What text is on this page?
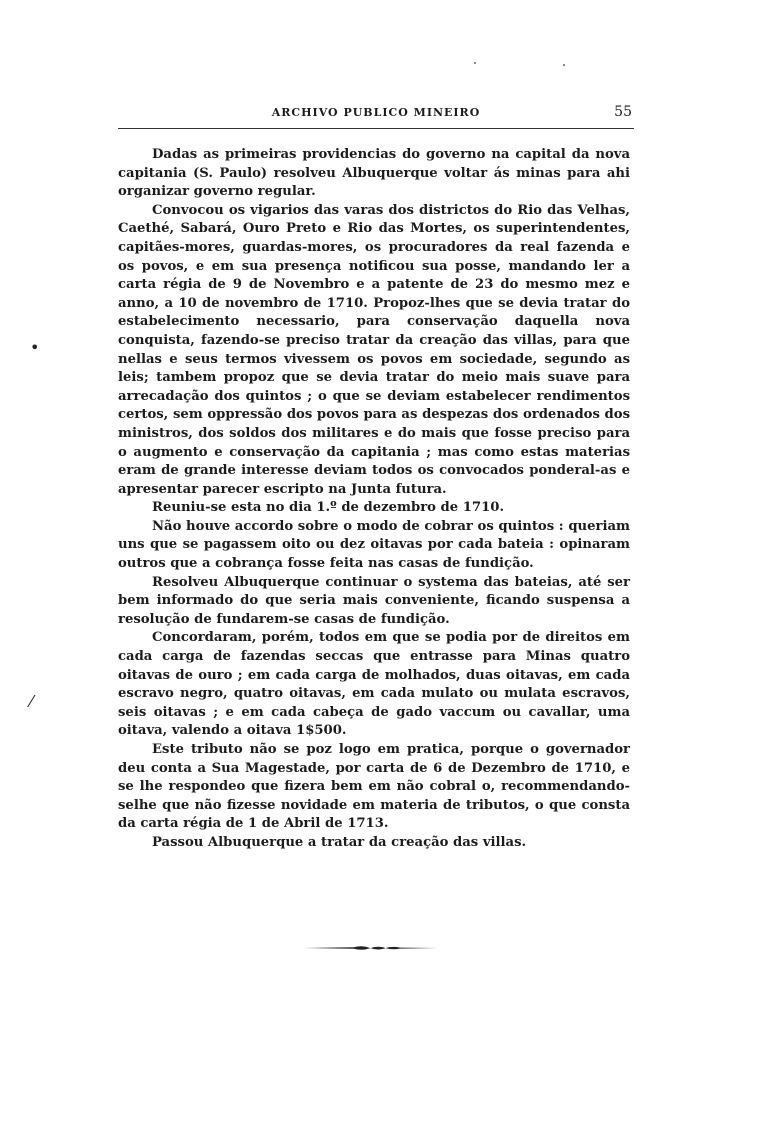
ARCHIVO PUBLICO MINEIRO	55
•
⁄

Dadas as primeiras providencias do governo na capital da nova capitania (S. Paulo) resolveu Albuquerque voltar ás minas para ahi organizar governo regular.

Convocou os vigarios das varas dos districtos do Rio das Velhas, Caethé, Sabará, Ouro Preto e Rio das Mortes, os superintendentes, capitães-mores, guardas-mores, os procuradores da real fazenda e os povos, e em sua presença notificou sua posse, mandando ler a carta régia de 9 de Novembro e a patente de 23 do mesmo mez e anno, a 10 de novembro de 1710. Propoz-lhes que se devia tratar do estabelecimento necessario, para conservação daquella nova conquista, fazendo-se preciso tratar da creação das villas, para que nellas e seus termos vivessem os povos em sociedade, segundo as leis; tambem propoz que se devia tratar do meio mais suave para arrecadação dos quintos ; o que se deviam estabelecer rendimentos certos, sem oppressão dos povos para as despezas dos ordenados dos ministros, dos soldos dos militares e do mais que fosse preciso para o augmento e conservação da capitania ; mas como estas materias eram de grande interesse deviam todos os convocados ponderal-as e apresentar parecer escripto na Junta futura.

Reuniu-se esta no dia 1.º de dezembro de 1710.

Não houve accordo sobre o modo de cobrar os quintos : queriam uns que se pagassem oito ou dez oitavas por cada bateia : opinaram outros que a cobrança fosse feita nas casas de fundição.

Resolveu Albuquerque continuar o systema das bateias, até ser bem informado do que seria mais conveniente, ficando suspensa a resolução de fundarem-se casas de fundição.

Concordaram, porém, todos em que se podia por de direitos em cada carga de fazendas seccas que entrasse para Minas quatro oitavas de ouro ; em cada carga de molhados, duas oitavas, em cada escravo negro, quatro oitavas, em cada mulato ou mulata escravos, seis oitavas ; e em cada cabeça de gado vaccum ou cavallar, uma oitava, valendo a oitava 1$500.

Este tributo não se poz logo em pratica, porque o governador deu conta a Sua Magestade, por carta de 6 de Dezembro de 1710, e se lhe respondeo que fizera bem em não cobral o, recommendando-selhe que não fizesse novidade em materia de tributos, o que consta da carta régia de 1 de Abril de 1713.

Passou Albuquerque a tratar da creação das villas.
